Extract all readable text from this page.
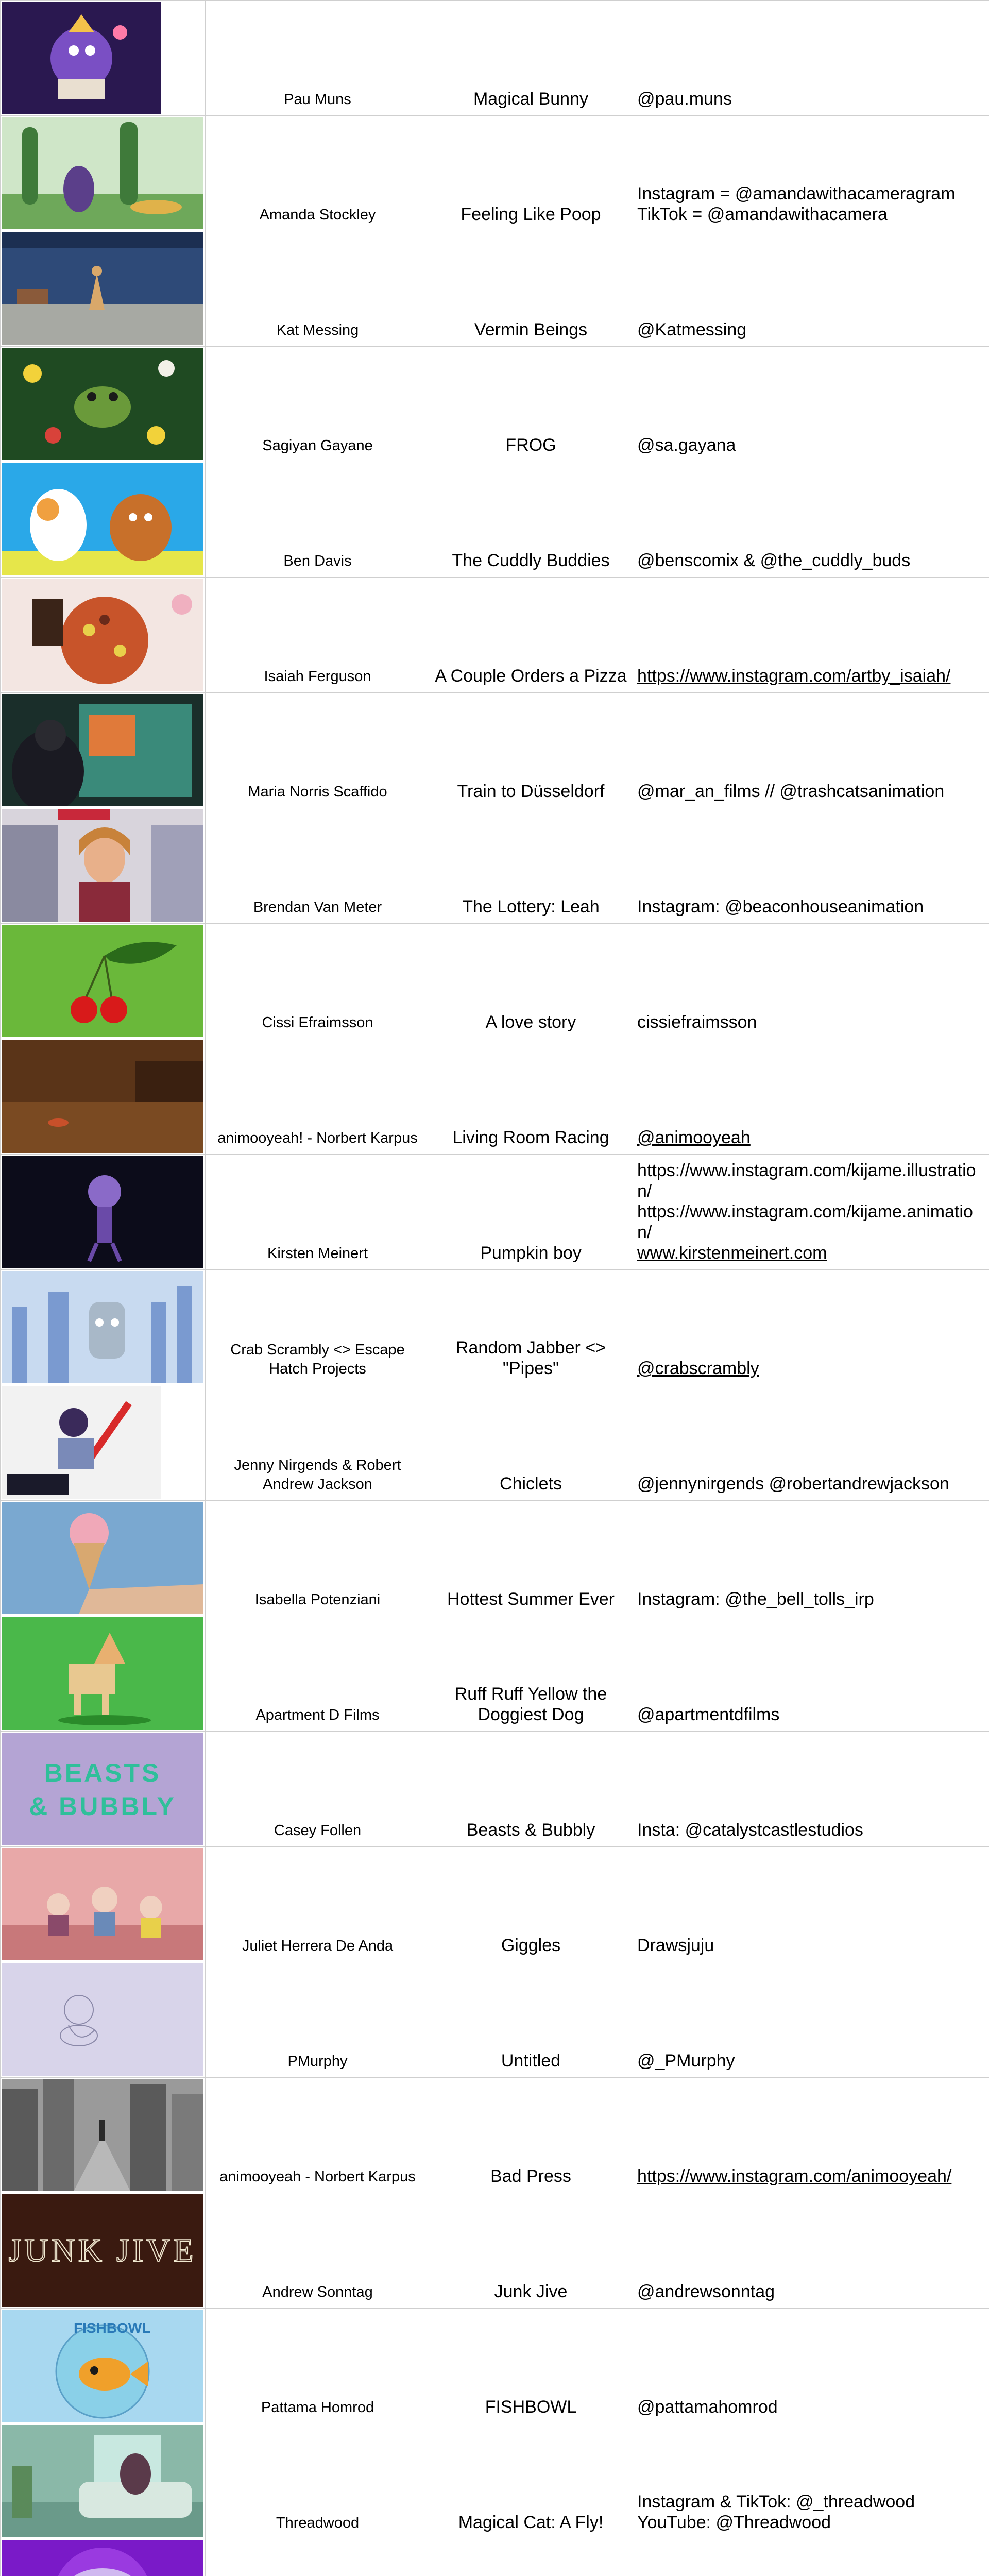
	Pau Muns	Magical Bunny	@pau.muns

	Amanda Stockley	Feeling Like Poop	Instagram = @amandawithacameragram
TikTok = @amandawithacamera

	Kat Messing	Vermin Beings	@Katmessing

	Sagiyan Gayane	FROG	@sa.gayana

	Ben Davis	The Cuddly Buddies	@benscomix & @the_cuddly_buds

	Isaiah Ferguson	A Couple Orders a Pizza	https://www.instagram.com/artby_isaiah/

	Maria Norris Scaffido	Train to Düsseldorf	@mar_an_films // @trashcatsanimation

	Brendan Van Meter	The Lottery: Leah	Instagram: @beaconhouseanimation

	Cissi Efraimsson	A love story	cissiefraimsson

	animooyeah! - Norbert Karpus	Living Room Racing	@animooyeah

	Kirsten Meinert	Pumpkin boy	https://www.instagram.com/kijame.illustration/
https://www.instagram.com/kijame.animation/
www.kirstenmeinert.com

	Crab Scrambly <> Escape Hatch Projects	Random Jabber <> "Pipes"	@crabscrambly

	Jenny Nirgends & Robert Andrew Jackson	Chiclets	@jennynirgends @robertandrewjackson

	Isabella Potenziani	Hottest Summer Ever	Instagram: @the_bell_tolls_irp

	Apartment D Films	Ruff Ruff Yellow the Doggiest Dog	@apartmentdfilms

BEASTS
& BUBBLY	Casey Follen	Beasts & Bubbly	Insta: @catalystcastlestudios

	Juliet Herrera De Anda	Giggles	Drawsjuju

	PMurphy	Untitled	@_PMurphy

	animooyeah - Norbert Karpus	Bad Press	https://www.instagram.com/animooyeah/

JUNK JIVE	Andrew Sonntag	Junk Jive	@andrewsonntag

FISHBOWL	Pattama Homrod	FISHBOWL	@pattamahomrod

	Threadwood	Magical Cat: A Fly!	Instagram & TikTok: @_threadwood
YouTube: @Threadwood
